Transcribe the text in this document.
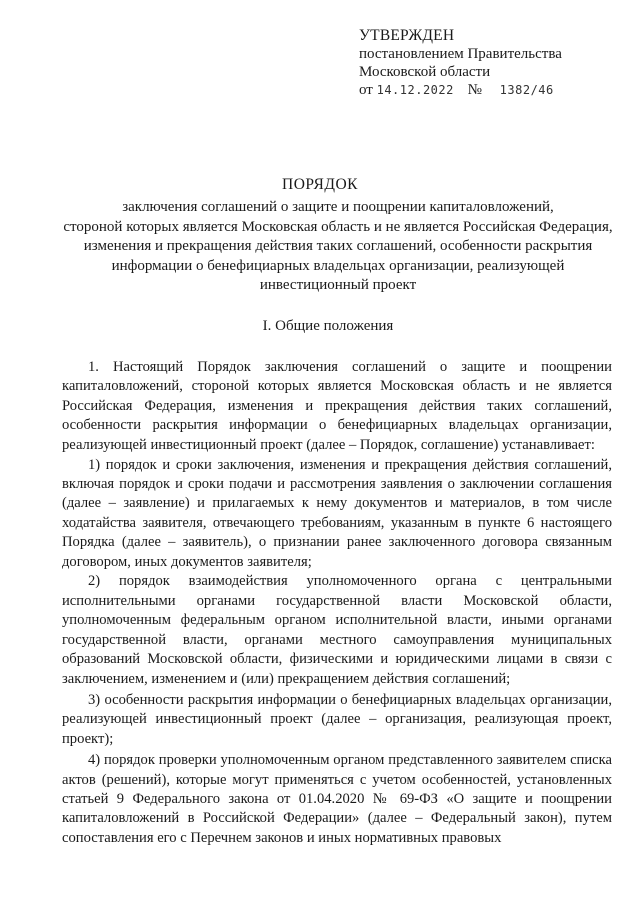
УТВЕРЖДЕН
постановлением Правительства
Московской области
от 14.12.2022 № 1382/46
ПОРЯДОК
заключения соглашений о защите и поощрении капиталовложений,
стороной которых является Московская область и не является Российская Федерация,
изменения и прекращения действия таких соглашений, особенности раскрытия
информации о бенефициарных владельцах организации, реализующей
инвестиционный проект
I. Общие положения

1. Настоящий Порядок заключения соглашений о защите и поощрении капиталовложений, стороной которых является Московская область и не является Российская Федерация, изменения и прекращения действия таких соглашений, особенности раскрытия информации о бенефициарных владельцах организации, реализующей инвестиционный проект (далее – Порядок, соглашение) устанавливает:

1) порядок и сроки заключения, изменения и прекращения действия соглашений, включая порядок и сроки подачи и рассмотрения заявления о заключении соглашения (далее – заявление) и прилагаемых к нему документов и материалов, в том числе ходатайства заявителя, отвечающего требованиям, указанным в пункте 6 настоящего Порядка (далее – заявитель), о признании ранее заключенного договора связанным договором, иных документов заявителя;

2) порядок взаимодействия уполномоченного органа с центральными исполнительными органами государственной власти Московской области, уполномоченным федеральным органом исполнительной власти, иными органами государственной власти, органами местного самоуправления муниципальных образований Московской области, физическими и юридическими лицами в связи с заключением, изменением и (или) прекращением действия соглашений;

3) особенности раскрытия информации о бенефициарных владельцах организации, реализующей инвестиционный проект (далее – организация, реализующая проект, проект);

4) порядок проверки уполномоченным органом представленного заявителем списка актов (решений), которые могут применяться с учетом особенностей, установленных статьей 9 Федерального закона от 01.04.2020 № 69-ФЗ «О защите и поощрении капиталовложений в Российской Федерации» (далее – Федеральный закон), путем сопоставления его с Перечнем законов и иных нормативных правовых
